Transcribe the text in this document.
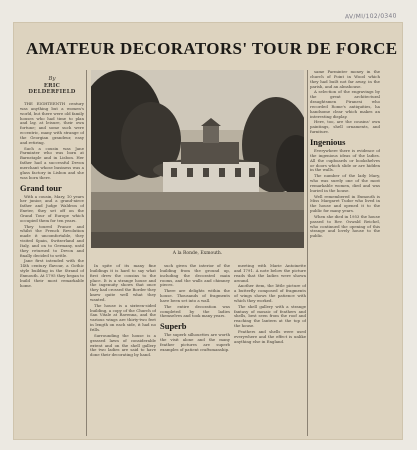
AV/MI/102/0340
AMATEUR DECORATORS' TOUR DE FORCE
By
ERIC DELDERFIELD
A la Ronde, Exmouth.

THE EIGHTEENTH century was anything but a women's world, but there were old family houses who had time to plan and lay, at leisure, their own fortune; and some such were eccentric, many with strange of the Georgian grandeur, easy and retiring.

Such a cousin was Jane Parminter who was born at Barnstaple and in Lisbon. Her father had a successful Devon merchant whose business was a glass factory in Lisbon and she was born there.

Grand tour

With a cousin, Mary, 10 years her junior, and a grand-niece father and Judge Waldron of Exeter, they set off on the Grand Tour of Europe which occupied them for ten years.

They toured France and whilst the French Revolution made it uncomfortable, they visited Spain, Switzerland and Italy, and on to Germany, until they returned to Devon and finally decided to settle.

Jane first intended with the 14th century flavour, a Gothic style building in the Strand of Exmouth. At 1795 they began to build their most remarkable home.

In spite of its many fine buildings it is hard to say what first drew the cousins to the place. It is a strange house and the ingenuity shows that once they had crossed the Border they knew quite well what they wanted.

The house is a sixteen-sided building, a copy of the Church of San Vitale at Ravenna, and the various wings are thirty-two feet in length on each side, it had no frills.

Surrounding the house is a grassed lawn of considerable extent and on the shell gallery the two ladies are said to have done their decorating by hand.

such given the interior of the building from the ground up, including the decorated main rooms, and the walls and chimney pieces.

There are delights within the house. Thousands of fragments have been set into a wall.

The entire decoration was completed by the ladies themselves and took many years.

Superb

The superb silhouettes are worth the visit alone and the many feather pictures are superb examples of patient craftsmanship.

meeting with Marie Antoinette and 1791. A note below the picture reads that the ladies were shown around.

Another item, the little picture of a butterfly composed of fragments of wings shows the patience with which they worked.

The shell gallery with a strange fantasy of mosaic of feathers and shells, best seen from the roof and reaching the lantern at the top of the house.

Feathers and shells were used everywhere and the effect is unlike anything else in England.

same Parminter money in the church of Point in Wood which they had built not far away, in the parish, and an almshouse.

A selection of the engravings by the great architectural draughtsmen Piranesi who recorded Rome's antiquities, ha handsome clear which makes an interesting display.

Here, too, are the cousins' own paintings, shell ornaments, and furniture.

Ingenious

Everywhere there is evidence of the ingenious ideas of the ladies. All the cupboards or bookshelves or doors which slide or are hidden in the walls.

The number of the lady Mary, who was surely one of the most remarkable women, died and was buried in the house.

Well remembered in Exmouth is Miss Margaret Tudor who lived in the house and opened it to the public for many years.

When she died in 1953 the house passed to Rev. Oswald Reichel, who continued the opening of this strange and lovely house to the public.
